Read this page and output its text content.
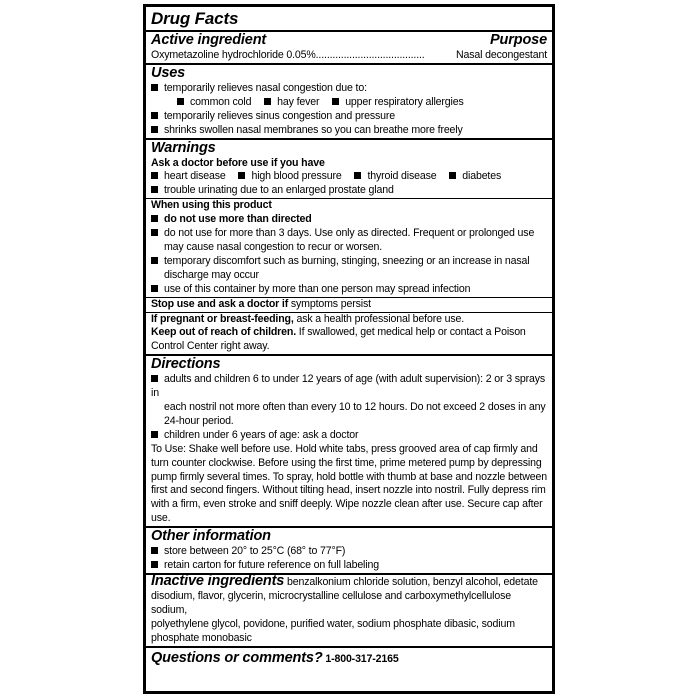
Drug Facts
Active ingredient	Purpose
Oxymetazoline hydrochloride 0.05%.......................................	Nasal decongestant
Uses
temporarily relieves nasal congestion due to:
common cold hay fever upper respiratory allergies
temporarily relieves sinus congestion and pressure
shrinks swollen nasal membranes so you can breathe more freely
Warnings
Ask a doctor before use if you have
heart disease high blood pressure thyroid disease diabetes
trouble urinating due to an enlarged prostate gland
When using this product
do not use more than directed
do not use for more than 3 days. Use only as directed. Frequent or prolonged use
may cause nasal congestion to recur or worsen.
temporary discomfort such as burning, stinging, sneezing or an increase in nasal
discharge may occur
use of this container by more than one person may spread infection
Stop use and ask a doctor if symptoms persist
If pregnant or breast-feeding, ask a health professional before use.
Keep out of reach of children. If swallowed, get medical help or contact a Poison
Control Center right away.
Directions
adults and children 6 to under 12 years of age (with adult supervision): 2 or 3 sprays in
each nostril not more often than every 10 to 12 hours. Do not exceed 2 doses in any
24-hour period.
children under 6 years of age: ask a doctor
To Use: Shake well before use. Hold white tabs, press grooved area of cap firmly and
turn counter clockwise. Before using the first time, prime metered pump by depressing
pump firmly several times. To spray, hold bottle with thumb at base and nozzle between
first and second fingers. Without tilting head, insert nozzle into nostril. Fully depress rim
with a firm, even stroke and sniff deeply. Wipe nozzle clean after use. Secure cap after use.
Other information
store between 20° to 25°C (68° to 77°F)
retain carton for future reference on full labeling
Inactive ingredients benzalkonium chloride solution, benzyl alcohol, edetate
disodium, flavor, glycerin, microcrystalline cellulose and carboxymethylcellulose sodium,
polyethylene glycol, povidone, purified water, sodium phosphate dibasic, sodium
phosphate monobasic
Questions or comments? 1-800-317-2165
